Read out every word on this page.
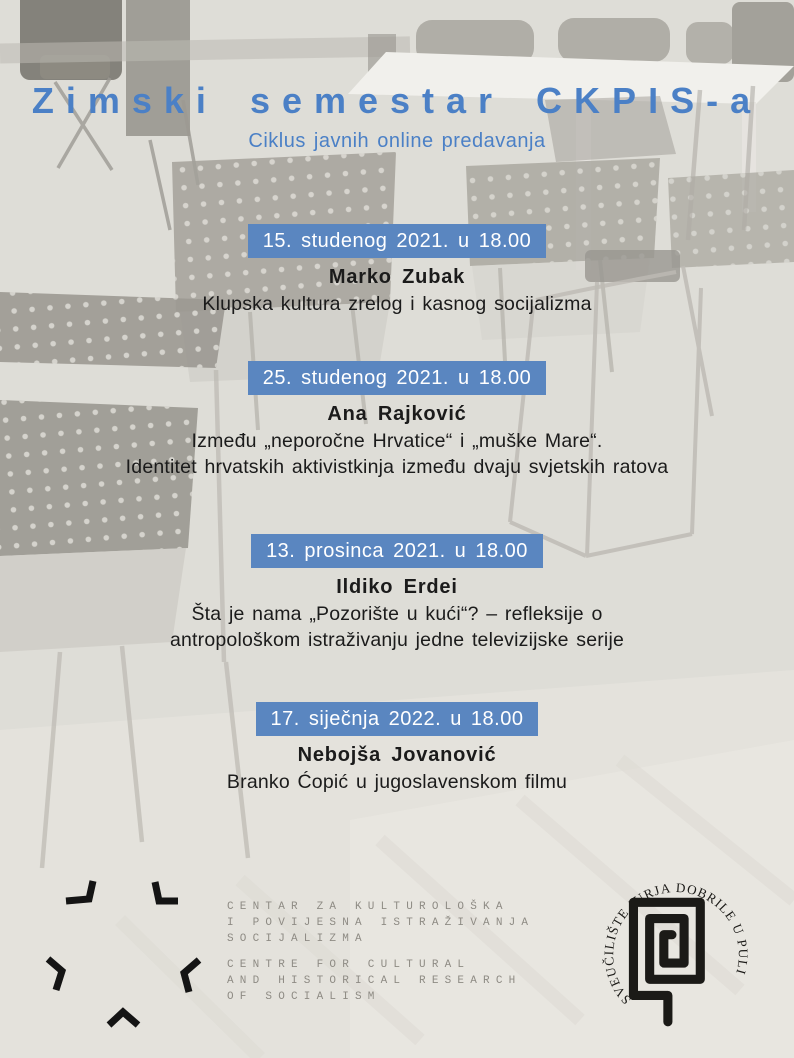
Zimski semestar CKPIS-a
Ciklus javnih online predavanja
15. studenog 2021. u 18.00
Marko Zubak
Klupska kultura zrelog i kasnog socijalizma
25. studenog 2021. u 18.00
Ana Rajković
Između „neporočne Hrvatice“ i „muške Mare“.
Identitet hrvatskih aktivistkinja između dvaju svjetskih ratova
13. prosinca 2021. u 18.00
Ildiko Erdei
Šta je nama „Pozorište u kući“? – refleksije o
antropološkom istraživanju jedne televizijske serije
17. siječnja 2022. u 18.00
Nebojša Jovanović
Branko Ćopić u jugoslavenskom filmu
CENTAR ZA KULTUROLOŠKA
I POVIJESNA ISTRAŽIVANJA
SOCIJALIZMA
CENTRE FOR CULTURAL
AND HISTORICAL RESEARCH
OF SOCIALISM	SVEUČILIŠTE JURJA DOBRILE U PULI
